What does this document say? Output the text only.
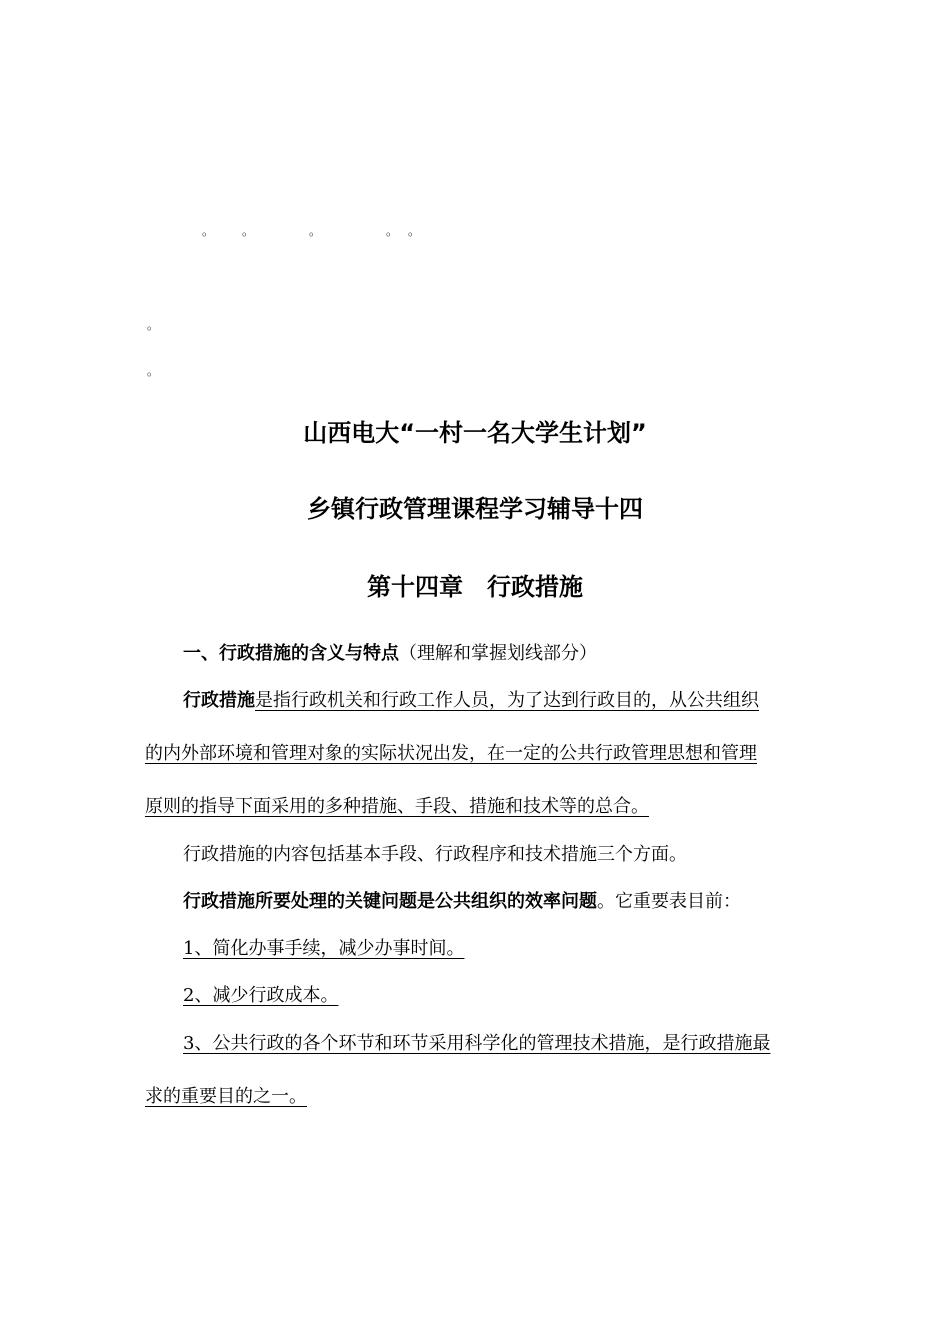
。 。	。	。 。
。
。
山西电大“一村一名大学生计划”
乡镇行政管理课程学习辅导十四
第十四章　行政措施
一、行政措施的含义与特点（理解和掌握划线部分）
行政措施是指行政机关和行政工作人员，为了达到行政目的，从公共组织
的内外部环境和管理对象的实际状况出发，在一定的公共行政管理思想和管理
原则的指导下面采用的多种措施、手段、措施和技术等的总合。
行政措施的内容包括基本手段、行政程序和技术措施三个方面。
行政措施所要处理的关键问题是公共组织的效率问题。它重要表目前：
1、简化办事手续，减少办事时间。
2、减少行政成本。
3、公共行政的各个环节和环节采用科学化的管理技术措施，是行政措施最
求的重要目的之一。
